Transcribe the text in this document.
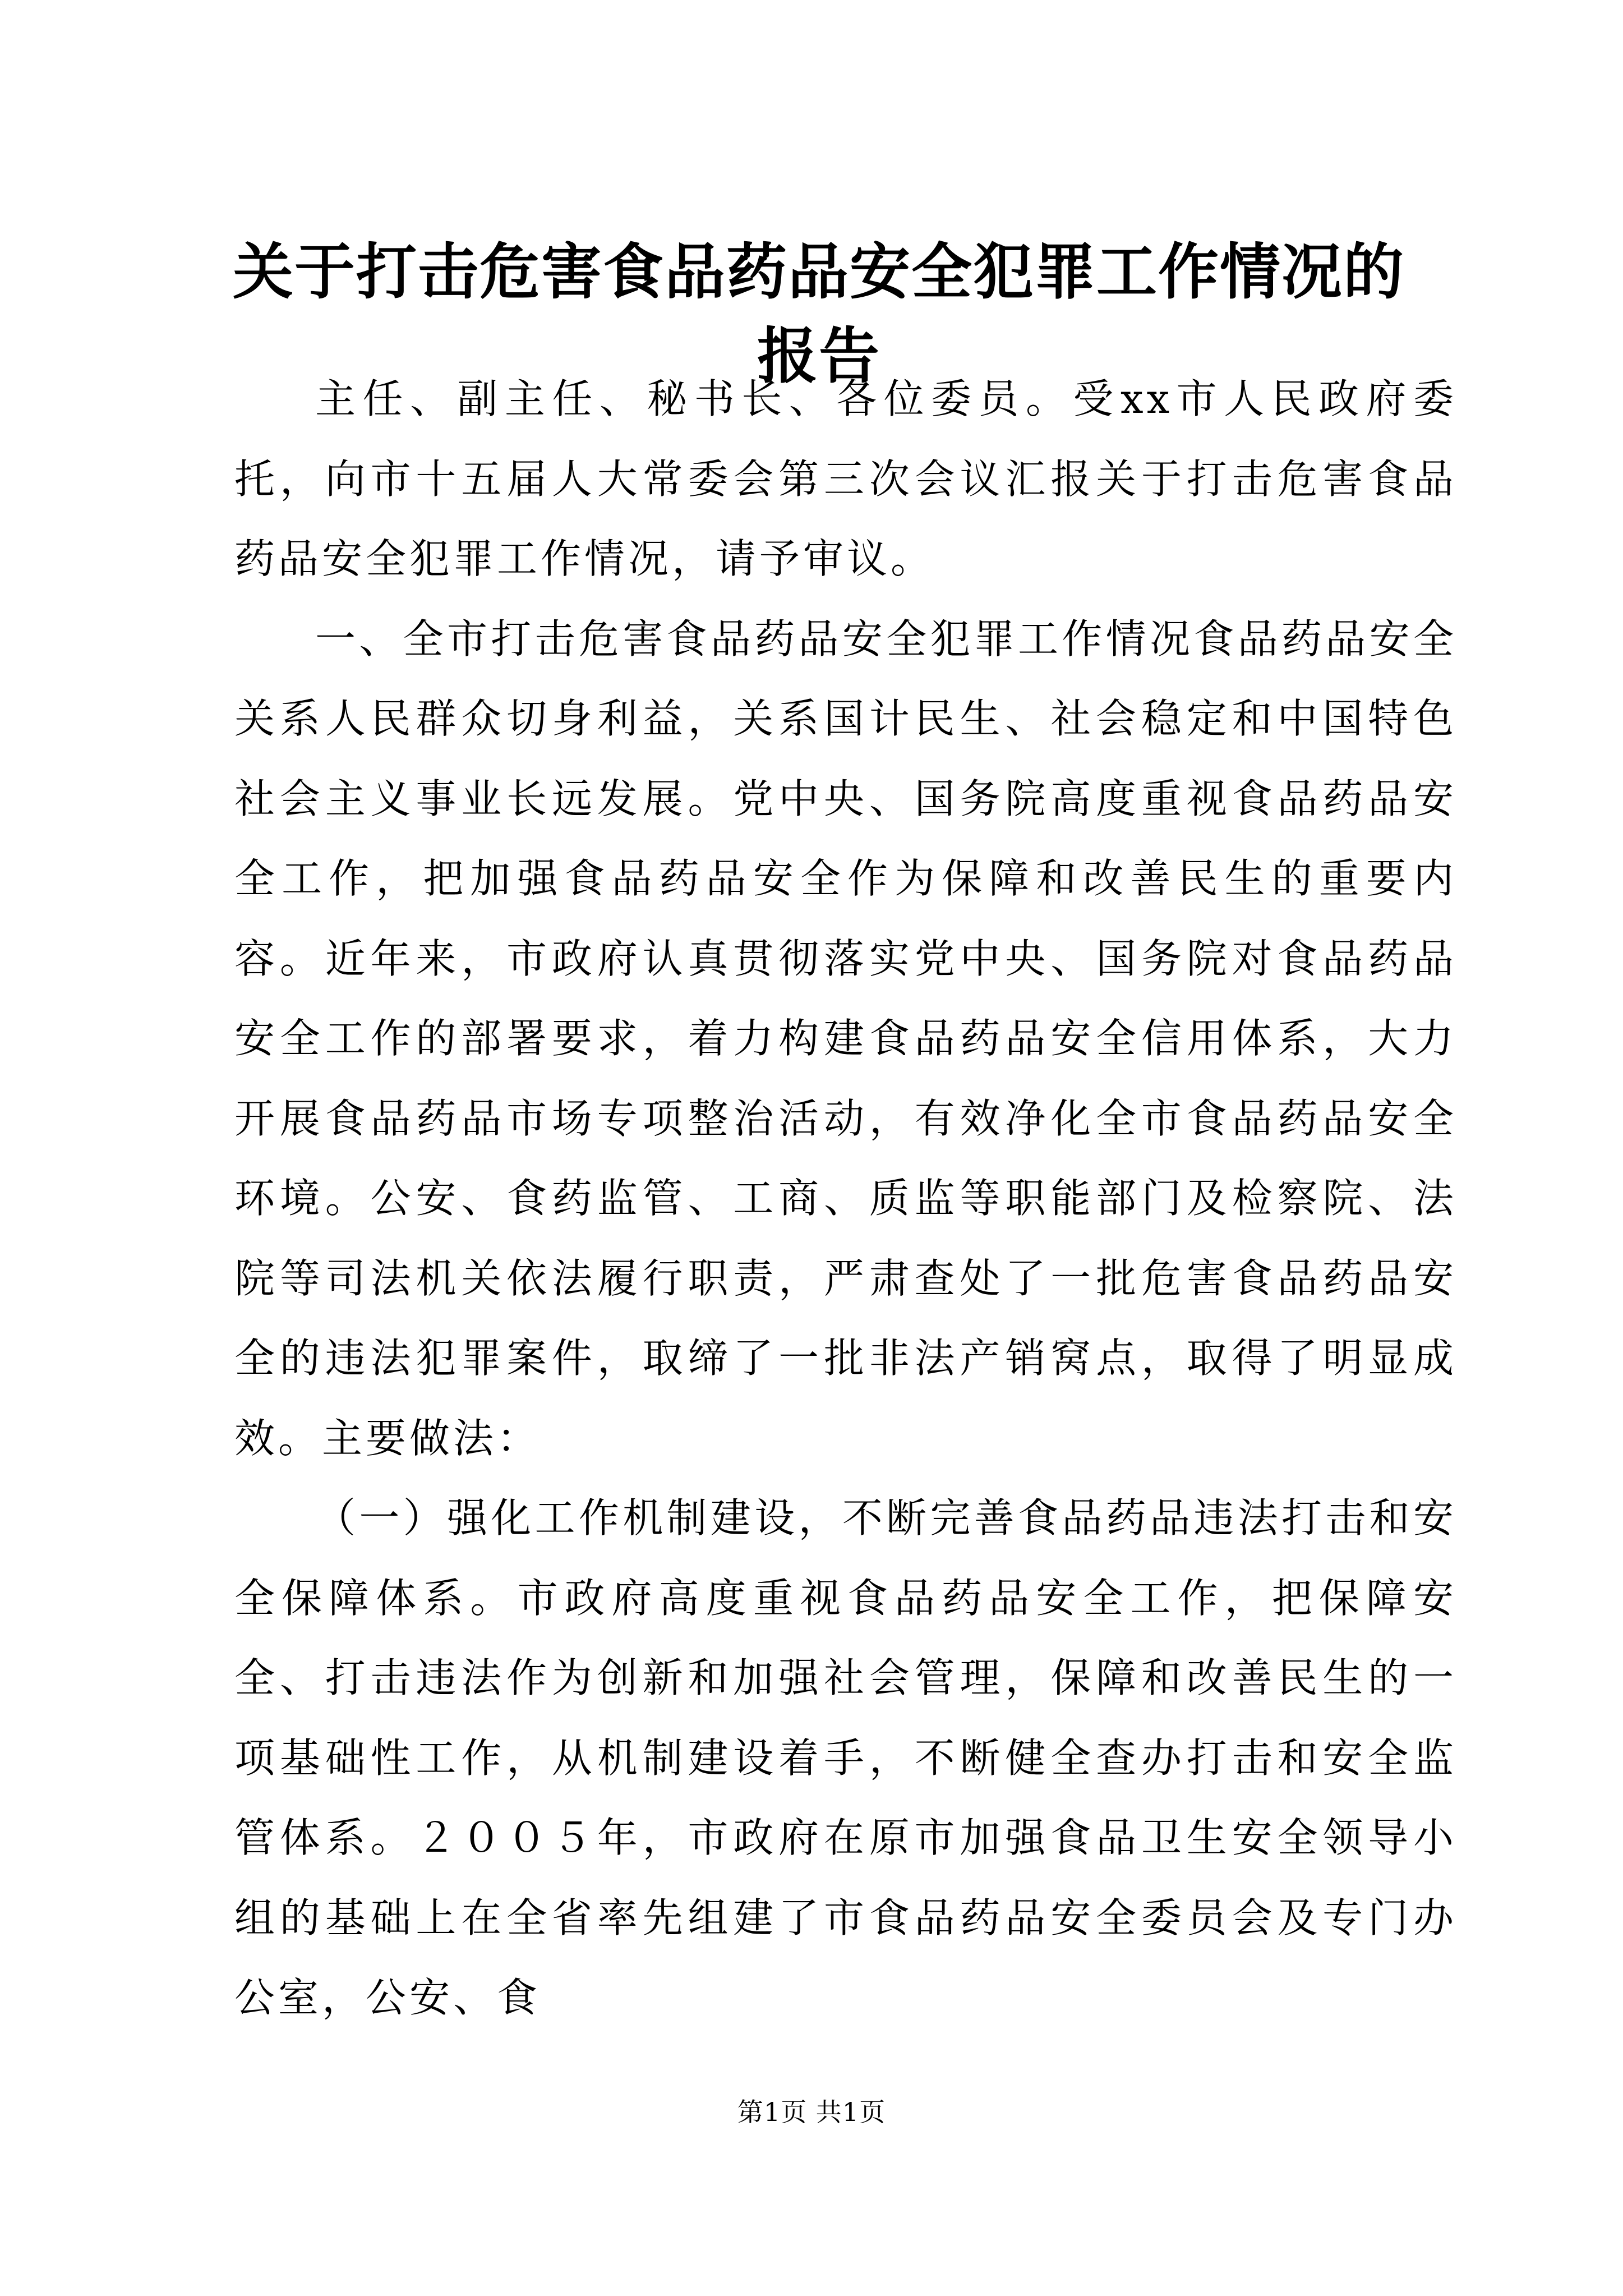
关于打击危害食品药品安全犯罪工作情况的报告

主任、副主任、秘书长、各位委员。受xx市人民政府委托，向市十五届人大常委会第三次会议汇报关于打击危害食品药品安全犯罪工作情况，请予审议。

一、全市打击危害食品药品安全犯罪工作情况食品药品安全关系人民群众切身利益，关系国计民生、社会稳定和中国特色社会主义事业长远发展。党中央、国务院高度重视食品药品安全工作，把加强食品药品安全作为保障和改善民生的重要内容。近年来，市政府认真贯彻落实党中央、国务院对食品药品安全工作的部署要求，着力构建食品药品安全信用体系，大力开展食品药品市场专项整治活动，有效净化全市食品药品安全环境。公安、食药监管、工商、质监等职能部门及检察院、法院等司法机关依法履行职责，严肃查处了一批危害食品药品安全的违法犯罪案件，取缔了一批非法产销窝点，取得了明显成效。主要做法：

（一）强化工作机制建设，不断完善食品药品违法打击和安全保障体系。市政府高度重视食品药品安全工作，把保障安全、打击违法作为创新和加强社会管理，保障和改善民生的一项基础性工作，从机制建设着手，不断健全查办打击和安全监管体系。２００５年，市政府在原市加强食品卫生安全领导小组的基础上在全省率先组建了市食品药品安全委员会及专门办公室，公安、食

第1页 共1页
